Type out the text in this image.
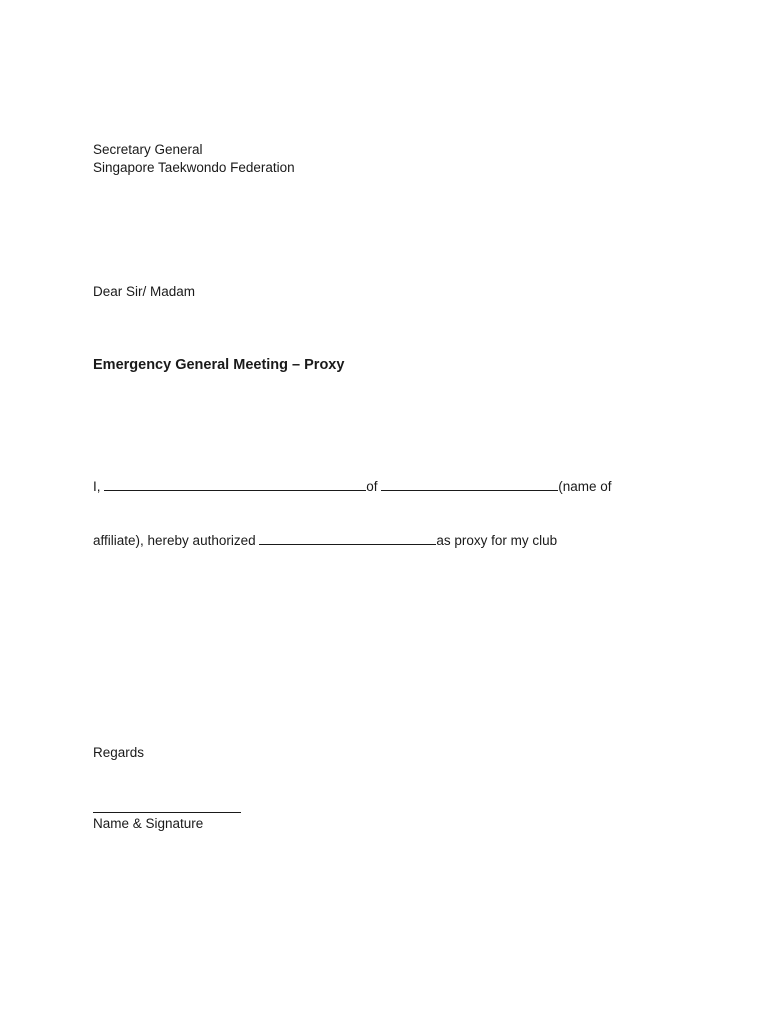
Secretary General
Singapore Taekwondo Federation
Dear Sir/ Madam
Emergency General Meeting – Proxy
I,	of	(name of
affiliate), hereby authorized	as proxy for my club
Regards
Name & Signature
